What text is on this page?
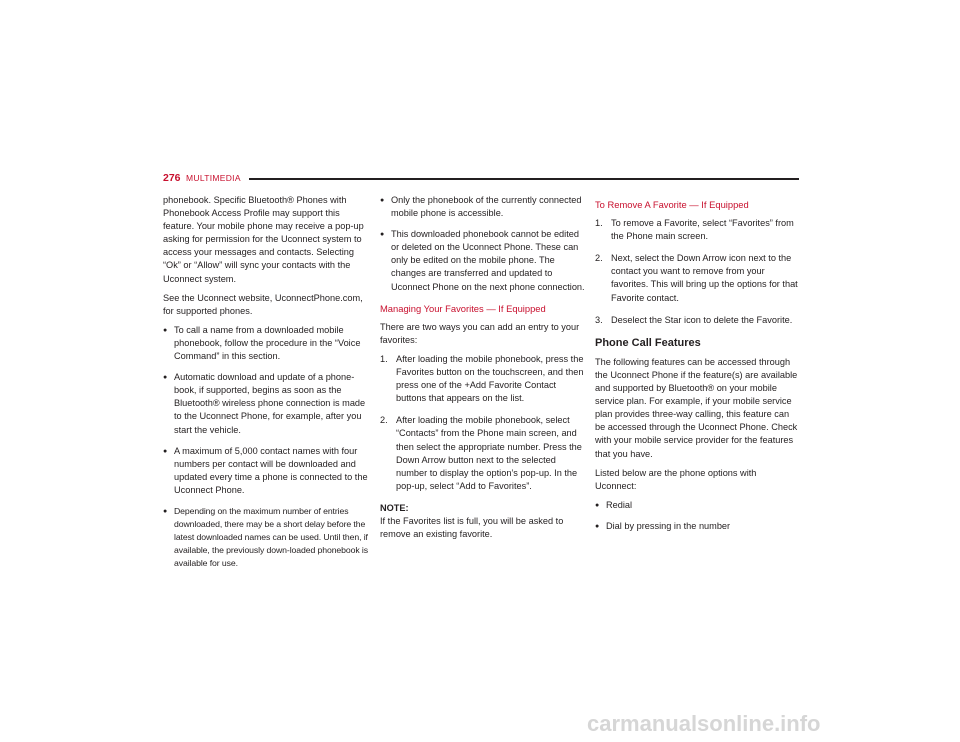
276 MULTIMEDIA

phonebook. Specific Bluetooth® Phones with Phonebook Access Profile may support this feature. Your mobile phone may receive a pop-up asking for permission for the Uconnect system to access your messages and contacts. Selecting “Ok” or “Allow” will sync your contacts with the Uconnect system.

See the Uconnect website, UconnectPhone.com, for supported phones.

● To call a name from a downloaded mobile phonebook, follow the procedure in the “Voice Command” in this section.
● Automatic download and update of a phone-book, if supported, begins as soon as the Bluetooth® wireless phone connection is made to the Uconnect Phone, for example, after you start the vehicle.
● A maximum of 5,000 contact names with four numbers per contact will be downloaded and updated every time a phone is connected to the Uconnect Phone.
● Depending on the maximum number of entries downloaded, there may be a short delay before the latest downloaded names can be used. Until then, if available, the previously down-loaded phonebook is available for use.
● Only the phonebook of the currently connected mobile phone is accessible.
● This downloaded phonebook cannot be edited or deleted on the Uconnect Phone. These can only be edited on the mobile phone. The changes are transferred and updated to Uconnect Phone on the next phone connection.
Managing Your Favorites — If Equipped

There are two ways you can add an entry to your favorites:

1. After loading the mobile phonebook, press the Favorites button on the touchscreen, and then press one of the +Add Favorite Contact buttons that appears on the list.
2. After loading the mobile phonebook, select “Contacts” from the Phone main screen, and then select the appropriate number. Press the Down Arrow button next to the selected number to display the option’s pop-up. In the pop-up, select “Add to Favorites”.
NOTE:
If the Favorites list is full, you will be asked to remove an existing favorite.
To Remove A Favorite — If Equipped
1. To remove a Favorite, select “Favorites” from the Phone main screen.
2. Next, select the Down Arrow icon next to the contact you want to remove from your favorites. This will bring up the options for that Favorite contact.
3. Deselect the Star icon to delete the Favorite.
Phone Call Features

The following features can be accessed through the Uconnect Phone if the feature(s) are available and supported by Bluetooth® on your mobile service plan. For example, if your mobile service plan provides three-way calling, this feature can be accessed through the Uconnect Phone. Check with your mobile service provider for the features that you have.

Listed below are the phone options with Uconnect:

● Redial
● Dial by pressing in the number
carmanualsonline.info
